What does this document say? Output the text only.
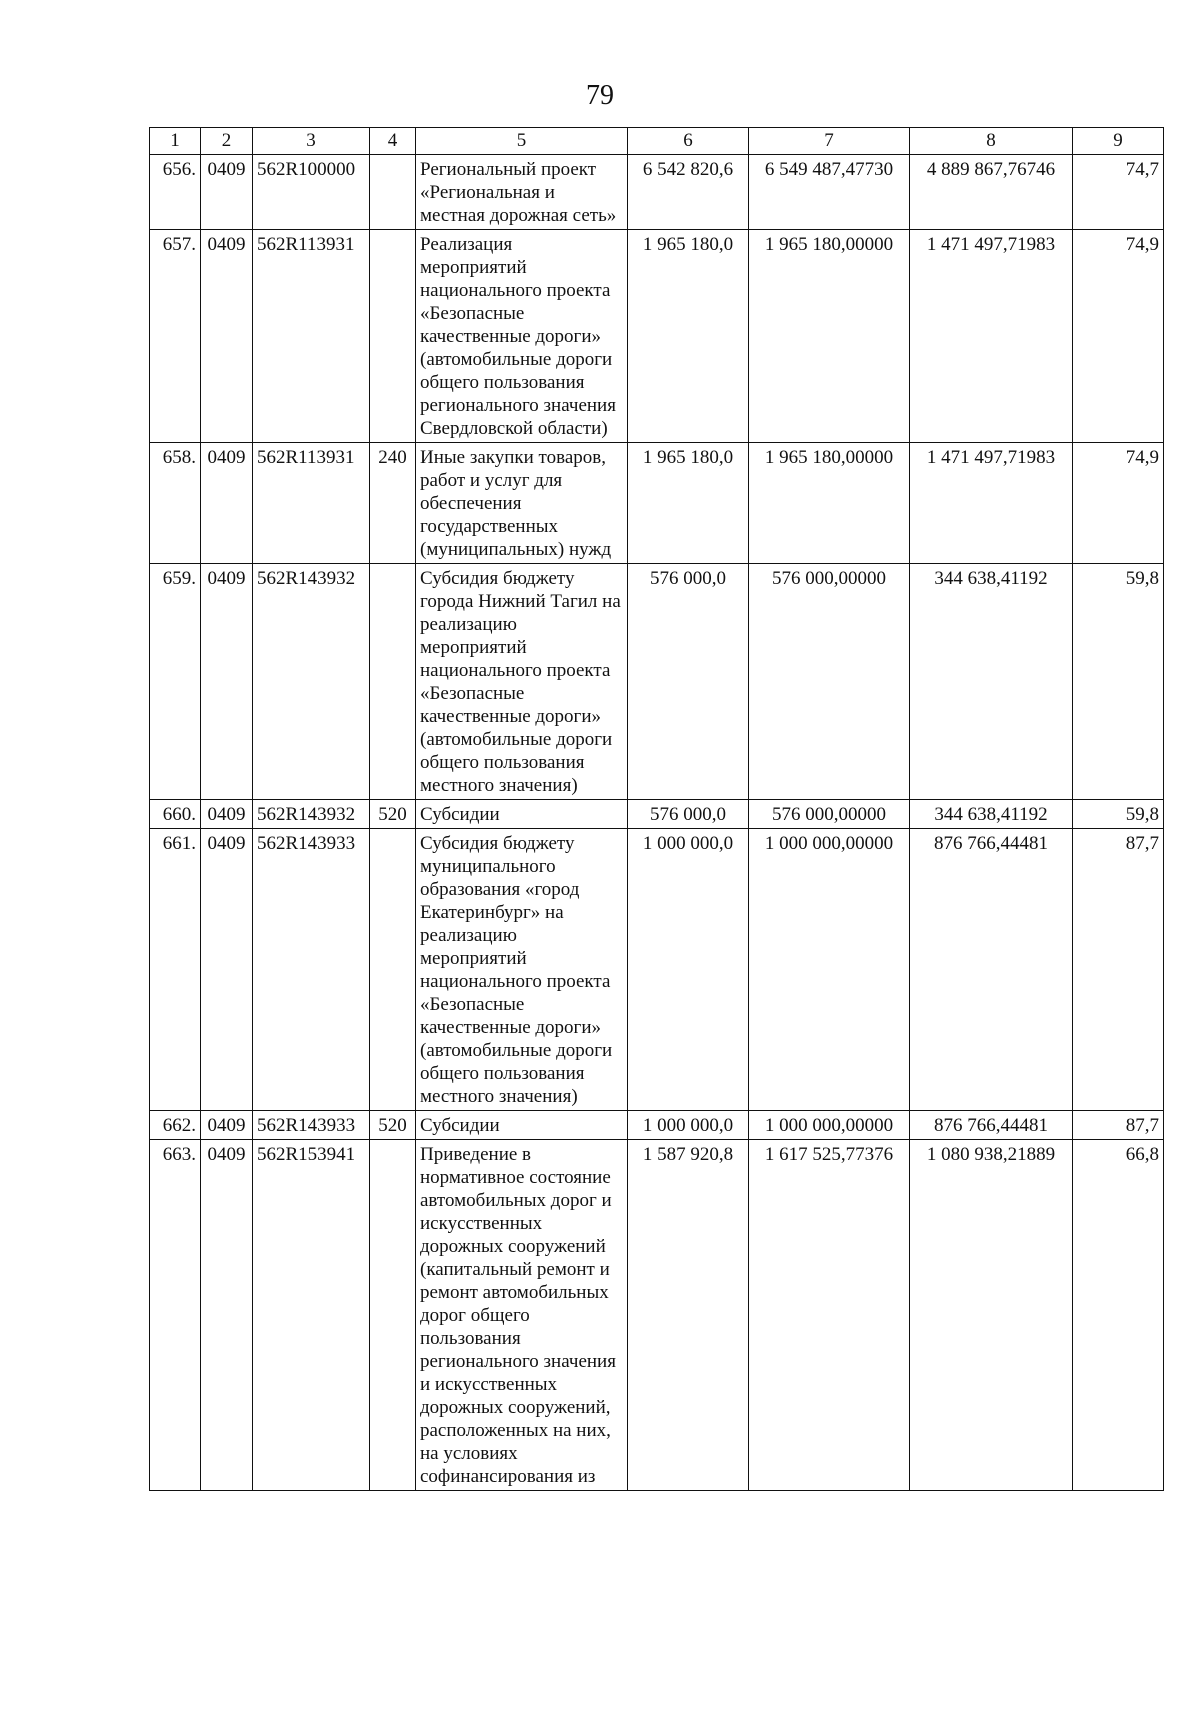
79
1	2	3	4	5	6	7	8	9
656.	0409	562R100000		Региональный проект «Региональная и местная дорожная сеть»	6 542 820,6	6 549 487,47730	4 889 867,76746	74,7
657.	0409	562R113931		Реализация мероприятий национального проекта «Безопасные качественные дороги» (автомобильные дороги общего пользования регионального значения Свердловской области)	1 965 180,0	1 965 180,00000	1 471 497,71983	74,9
658.	0409	562R113931	240	Иные закупки товаров, работ и услуг для обеспечения государственных (муниципальных) нужд	1 965 180,0	1 965 180,00000	1 471 497,71983	74,9
659.	0409	562R143932		Субсидия бюджету города Нижний Тагил на реализацию мероприятий национального проекта «Безопасные качественные дороги» (автомобильные дороги общего пользования местного значения)	576 000,0	576 000,00000	344 638,41192	59,8
660.	0409	562R143932	520	Субсидии	576 000,0	576 000,00000	344 638,41192	59,8
661.	0409	562R143933		Субсидия бюджету муниципального образования «город Екатеринбург» на реализацию мероприятий национального проекта «Безопасные качественные дороги» (автомобильные дороги общего пользования местного значения)	1 000 000,0	1 000 000,00000	876 766,44481	87,7
662.	0409	562R143933	520	Субсидии	1 000 000,0	1 000 000,00000	876 766,44481	87,7
663.	0409	562R153941		Приведение в нормативное состояние автомобильных дорог и искусственных дорожных сооружений (капитальный ремонт и ремонт автомобильных дорог общего пользования регионального значения и искусственных дорожных сооружений, расположенных на них, на условиях софинансирования из	1 587 920,8	1 617 525,77376	1 080 938,21889	66,8
